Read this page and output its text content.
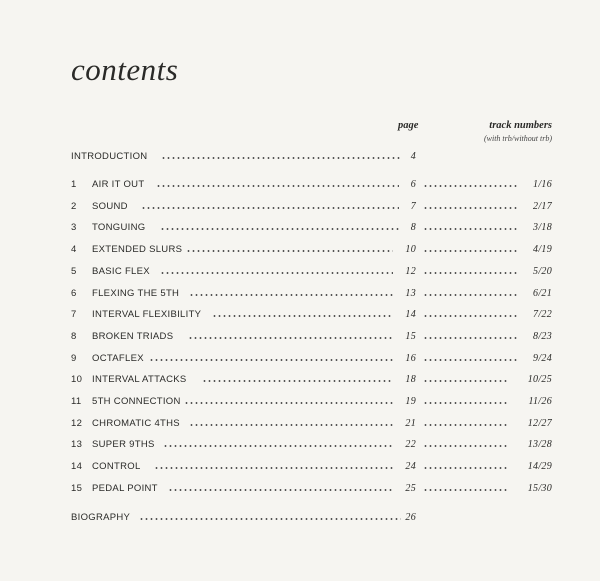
contents
page	track numbers
(with trb/without trb)
INTRODUCTION	4
1	AIR IT OUT	6	1/16
2	SOUND	7	2/17
3	TONGUING	8	3/18
4	EXTENDED SLURS	10	4/19
5	BASIC FLEX	12	5/20
6	FLEXING THE 5TH	13	6/21
7	INTERVAL FLEXIBILITY	14	7/22
8	BROKEN TRIADS	15	8/23
9	OCTAFLEX	16	9/24
10	INTERVAL ATTACKS	18	10/25
11	5TH CONNECTION	19	11/26
12	CHROMATIC 4THS	21	12/27
13	SUPER 9THS	22	13/28
14	CONTROL	24	14/29
15	PEDAL POINT	25	15/30
BIOGRAPHY	26
